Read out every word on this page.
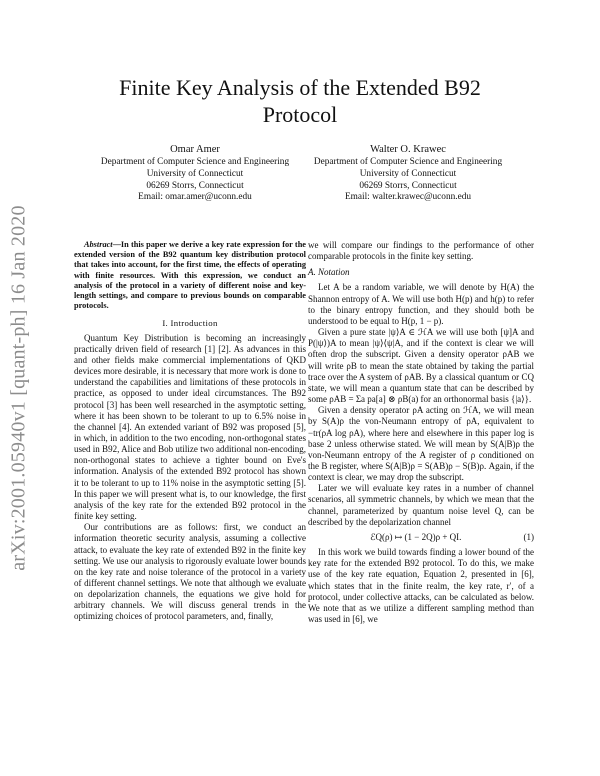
arXiv:2001.05940v1 [quant-ph] 16 Jan 2020
Finite Key Analysis of the Extended B92
Protocol
Omar Amer
Department of Computer Science and Engineering
University of Connecticut
06269 Storrs, Connecticut
Email: omar.amer@uconn.edu
Walter O. Krawec
Department of Computer Science and Engineering
University of Connecticut
06269 Storrs, Connecticut
Email: walter.krawec@uconn.edu

Abstract—In this paper we derive a key rate expression for the extended version of the B92 quantum key distribution protocol that takes into account, for the first time, the effects of operating with finite resources. With this expression, we conduct an analysis of the protocol in a variety of different noise and key-length settings, and compare to previous bounds on comparable protocols.

I. Introduction

Quantum Key Distribution is becoming an increasingly practically driven field of research [1] [2]. As advances in this and other fields make commercial implementations of QKD devices more desirable, it is necessary that more work is done to understand the capabilities and limitations of these protocols in practice, as opposed to under ideal circumstances. The B92 protocol [3] has been well researched in the asymptotic setting, where it has been shown to be tolerant to up to 6.5% noise in the channel [4]. An extended variant of B92 was proposed [5], in which, in addition to the two encoding, non-orthogonal states used in B92, Alice and Bob utilize two additional non-encoding, non-orthogonal states to achieve a tighter bound on Eve's information. Analysis of the extended B92 protocol has shown it to be tolerant to up to 11% noise in the asymptotic setting [5]. In this paper we will present what is, to our knowledge, the first analysis of the key rate for the extended B92 protocol in the finite key setting.

Our contributions are as follows: first, we conduct an information theoretic security analysis, assuming a collective attack, to evaluate the key rate of extended B92 in the finite key setting. We use our analysis to rigorously evaluate lower bounds on the key rate and noise tolerance of the protocol in a variety of different channel settings. We note that although we evaluate on depolarization channels, the equations we give hold for arbitrary channels. We will discuss general trends in the optimizing choices of protocol parameters, and, finally,

we will compare our findings to the performance of other comparable protocols in the finite key setting.

A. Notation

Let A be a random variable, we will denote by H(A) the Shannon entropy of A. We will use both H(p) and h(p) to refer to the binary entropy function, and they should both be understood to be equal to H(p, 1 − p).

Given a pure state |ψ⟩A ∈ ℋA we will use both [ψ]A and P(|ψ⟩)A to mean |ψ⟩⟨ψ|A, and if the context is clear we will often drop the subscript. Given a density operator ρAB we will write ρB to mean the state obtained by taking the partial trace over the A system of ρAB. By a classical quantum or CQ state, we will mean a quantum state that can be described by some ρAB = Σa pa[a] ⊗ ρB(a) for an orthonormal basis {|a⟩}.

Given a density operator ρA acting on ℋA, we will mean by S(A)ρ the von-Neumann entropy of ρA, equivalent to −tr(ρA log ρA), where here and elsewhere in this paper log is base 2 unless otherwise stated. We will mean by S(A|B)ρ the von-Neumann entropy of the A register of ρ conditioned on the B register, where S(A|B)ρ = S(AB)ρ − S(B)ρ. Again, if the context is clear, we may drop the subscript.

Later we will evaluate key rates in a number of channel scenarios, all symmetric channels, by which we mean that the channel, parameterized by quantum noise level Q, can be described by the depolarization channel

ℰQ(ρ) ↦ (1 − 2Q)ρ + QI.	(1)

In this work we build towards finding a lower bound of the key rate for the extended B92 protocol. To do this, we make use of the key rate equation, Equation 2, presented in [6], which states that in the finite realm, the key rate, r′, of a protocol, under collective attacks, can be calculated as below. We note that as we utilize a different sampling method than was used in [6], we
